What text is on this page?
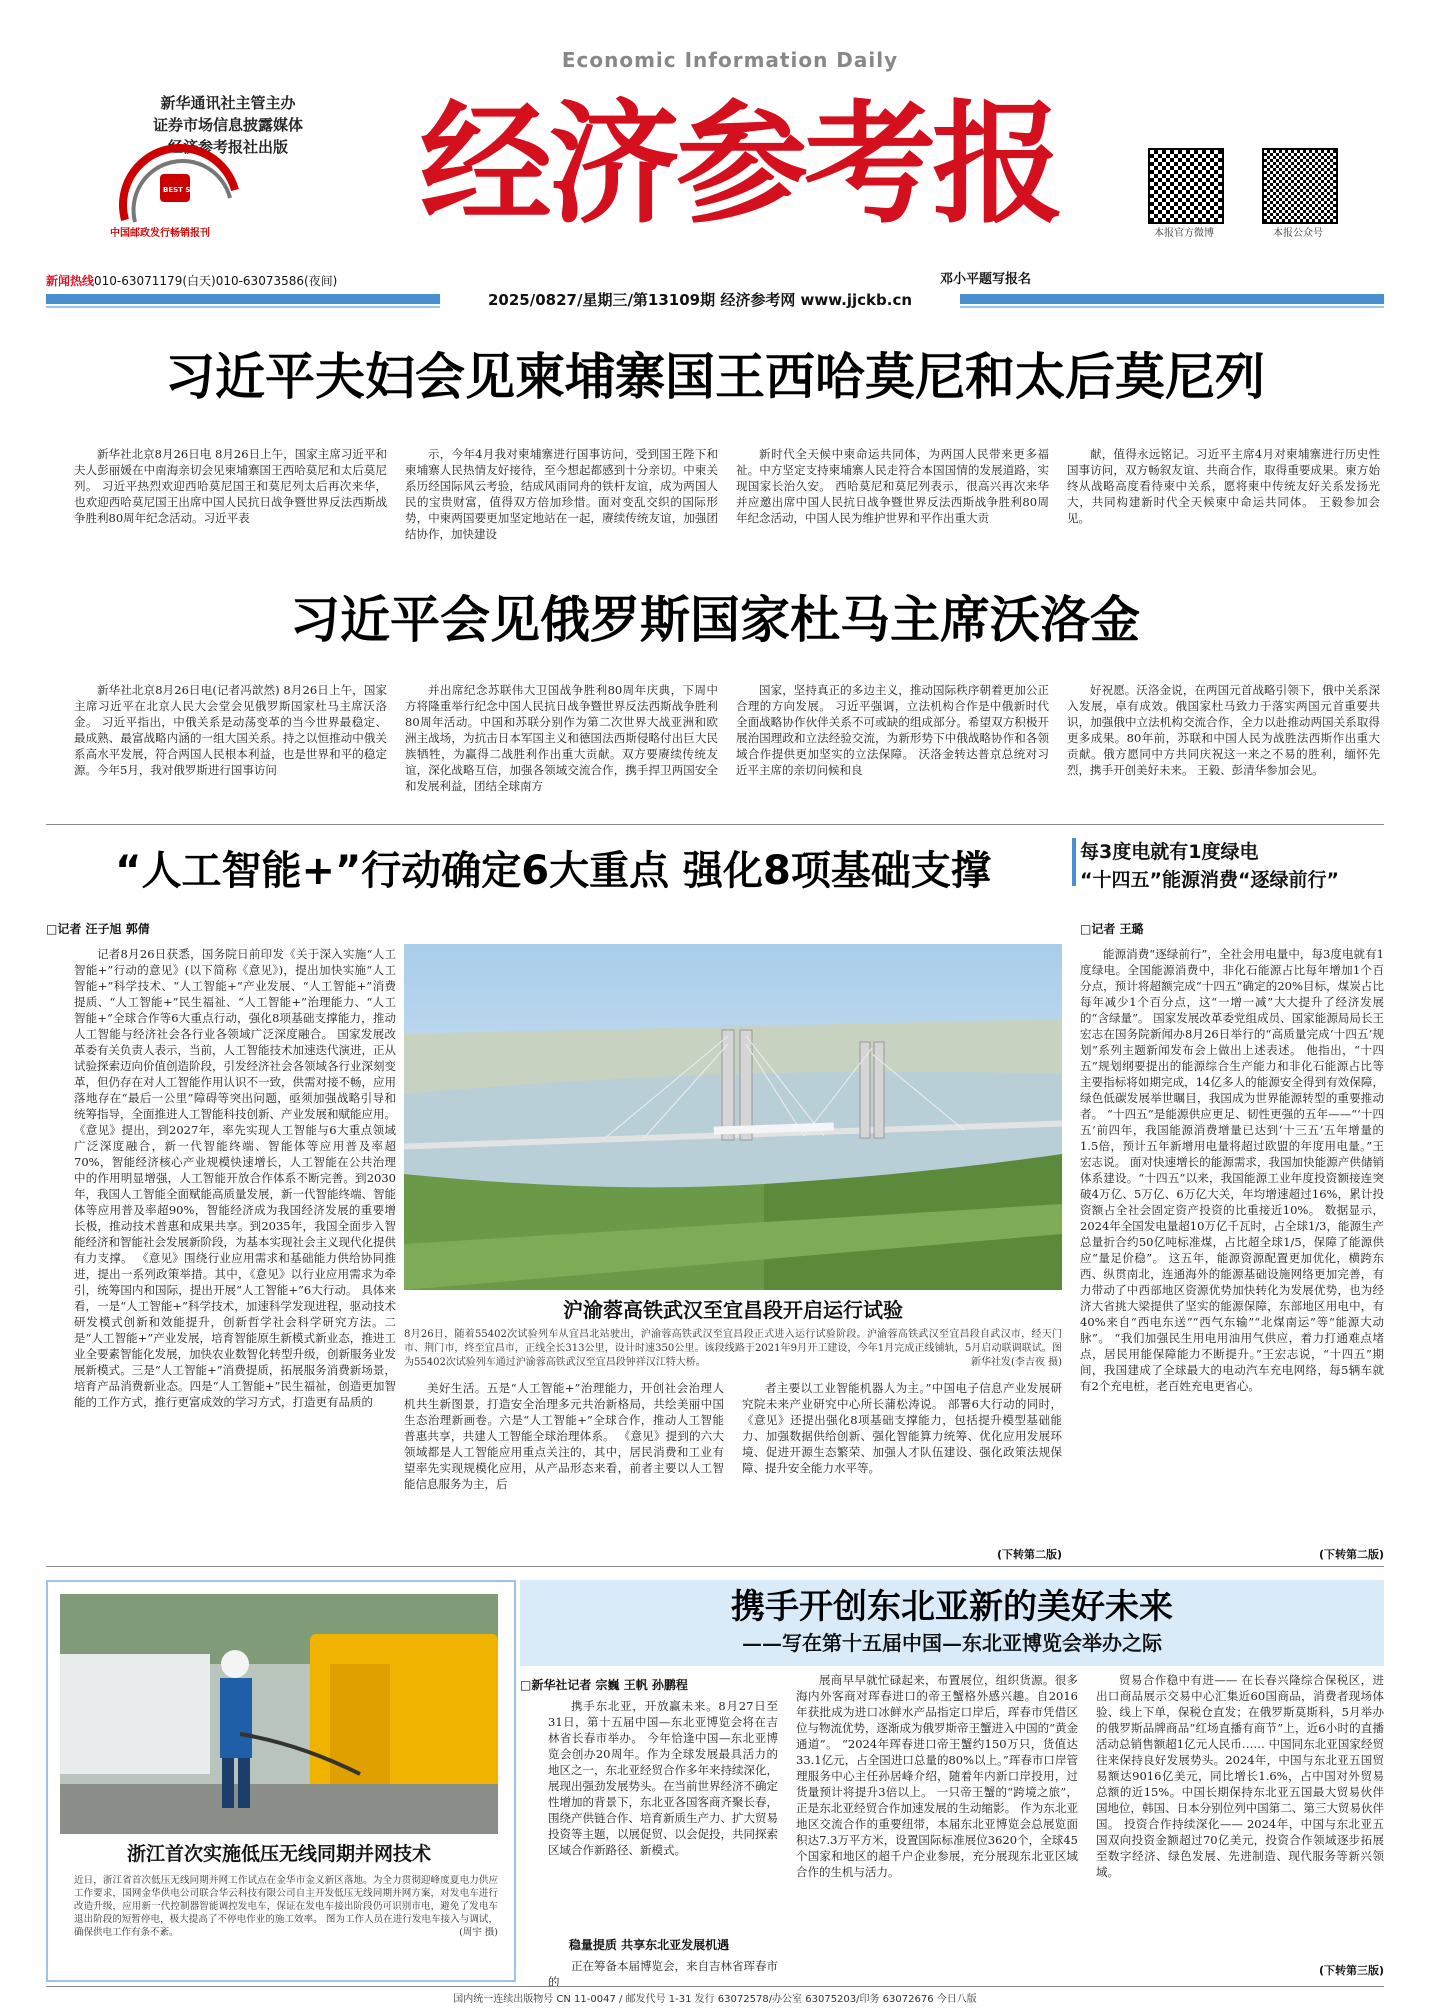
新华通讯社主管主办
证券市场信息披露媒体
经济参考报社出版
BEST SELLING
中国邮政发行畅销报刊
Economic Information Daily
经济参考报
新闻热线010-63071179(白天)010-63073586(夜间)
本报官方微博	本报公众号
邓小平题写报名
2025/0827/星期三/第13109期 经济参考网 www.jjckb.cn
习近平夫妇会见柬埔寨国王西哈莫尼和太后莫尼列

新华社北京8月26日电 8月26日上午，国家主席习近平和夫人彭丽媛在中南海亲切会见柬埔寨国王西哈莫尼和太后莫尼列。 习近平热烈欢迎西哈莫尼国王和莫尼列太后再次来华，也欢迎西哈莫尼国王出席中国人民抗日战争暨世界反法西斯战争胜利80周年纪念活动。习近平表

示，今年4月我对柬埔寨进行国事访问，受到国王陛下和柬埔寨人民热情友好接待，至今想起都感到十分亲切。中柬关系历经国际风云考验，结成风雨同舟的铁杆友谊，成为两国人民的宝贵财富，值得双方倍加珍惜。面对变乱交织的国际形势，中柬两国要更加坚定地站在一起，赓续传统友谊，加强团结协作，加快建设

新时代全天候中柬命运共同体，为两国人民带来更多福祉。中方坚定支持柬埔寨人民走符合本国国情的发展道路，实现国家长治久安。 西哈莫尼和莫尼列表示，很高兴再次来华并应邀出席中国人民抗日战争暨世界反法西斯战争胜利80周年纪念活动，中国人民为维护世界和平作出重大贡

献，值得永远铭记。习近平主席4月对柬埔寨进行历史性国事访问，双方畅叙友谊、共商合作，取得重要成果。柬方始终从战略高度看待柬中关系，愿将柬中传统友好关系发扬光大，共同构建新时代全天候柬中命运共同体。 王毅参加会见。

习近平会见俄罗斯国家杜马主席沃洛金

新华社北京8月26日电(记者冯歆然) 8月26日上午，国家主席习近平在北京人民大会堂会见俄罗斯国家杜马主席沃洛金。 习近平指出，中俄关系是动荡变革的当今世界最稳定、最成熟、最富战略内涵的一组大国关系。持之以恒推动中俄关系高水平发展，符合两国人民根本利益，也是世界和平的稳定源。今年5月，我对俄罗斯进行国事访问

并出席纪念苏联伟大卫国战争胜利80周年庆典，下周中方将隆重举行纪念中国人民抗日战争暨世界反法西斯战争胜利80周年活动。中国和苏联分别作为第二次世界大战亚洲和欧洲主战场，为抗击日本军国主义和德国法西斯侵略付出巨大民族牺牲，为赢得二战胜利作出重大贡献。双方要赓续传统友谊，深化战略互信，加强各领域交流合作，携手捍卫两国安全和发展利益，团结全球南方

国家，坚持真正的多边主义，推动国际秩序朝着更加公正合理的方向发展。 习近平强调，立法机构合作是中俄新时代全面战略协作伙伴关系不可或缺的组成部分。希望双方积极开展治国理政和立法经验交流，为新形势下中俄战略协作和各领域合作提供更加坚实的立法保障。 沃洛金转达普京总统对习近平主席的亲切问候和良

好祝愿。沃洛金说，在两国元首战略引领下，俄中关系深入发展，卓有成效。俄国家杜马致力于落实两国元首重要共识，加强俄中立法机构交流合作，全力以赴推动两国关系取得更多成果。80年前，苏联和中国人民为战胜法西斯作出重大贡献。俄方愿同中方共同庆祝这一来之不易的胜利，缅怀先烈，携手开创美好未来。 王毅、彭清华参加会见。

“人工智能+”行动确定6大重点 强化8项基础支撑
□记者 汪子旭 郭倩

记者8月26日获悉，国务院日前印发《关于深入实施“人工智能+”行动的意见》(以下简称《意见》)，提出加快实施“人工智能+”科学技术、“人工智能+”产业发展、“人工智能+”消费提质、“人工智能+”民生福祉、“人工智能+”治理能力、“人工智能+”全球合作等6大重点行动，强化8项基础支撑能力，推动人工智能与经济社会各行业各领域广泛深度融合。 国家发展改革委有关负责人表示，当前，人工智能技术加速迭代演进，正从试验探索迈向价值创造阶段，引发经济社会各领域各行业深刻变革，但仍存在对人工智能作用认识不一致，供需对接不畅，应用落地存在“最后一公里”障碍等突出问题，亟须加强战略引导和统筹指导，全面推进人工智能科技创新、产业发展和赋能应用。 《意见》提出，到2027年，率先实现人工智能与6大重点领域广泛深度融合，新一代智能终端、智能体等应用普及率超70%，智能经济核心产业规模快速增长，人工智能在公共治理中的作用明显增强，人工智能开放合作体系不断完善。到2030年，我国人工智能全面赋能高质量发展，新一代智能终端、智能体等应用普及率超90%，智能经济成为我国经济发展的重要增长极，推动技术普惠和成果共享。到2035年，我国全面步入智能经济和智能社会发展新阶段，为基本实现社会主义现代化提供有力支撑。 《意见》围绕行业应用需求和基础能力供给协同推进，提出一系列政策举措。其中，《意见》以行业应用需求为牵引，统筹国内和国际，提出开展“人工智能+”6大行动。 具体来看，一是“人工智能+”科学技术，加速科学发现进程，驱动技术研发模式创新和效能提升，创新哲学社会科学研究方法。二是“人工智能+”产业发展，培育智能原生新模式新业态，推进工业全要素智能化发展，加快农业数智化转型升级，创新服务业发展新模式。三是“人工智能+”消费提质，拓展服务消费新场景，培育产品消费新业态。四是“人工智能+”民生福祉，创造更加智能的工作方式，推行更富成效的学习方式，打造更有品质的

沪渝蓉高铁武汉至宜昌段开启运行试验
8月26日，随着55402次试验列车从宜昌北站驶出，沪渝蓉高铁武汉至宜昌段正式进入运行试验阶段。沪渝蓉高铁武汉至宜昌段自武汉市，经天门市、荆门市，终至宜昌市，正线全长313公里，设计时速350公里。该段线路于2021年9月开工建设，今年1月完成正线铺轨，5月启动联调联试。图为55402次试验列车通过沪渝蓉高铁武汉至宜昌段钟祥汉江特大桥。	新华社发(李吉夜 摄)

美好生活。五是“人工智能+”治理能力，开创社会治理人机共生新图景，打造安全治理多元共治新格局，共绘美丽中国生态治理新画卷。六是“人工智能+”全球合作，推动人工智能普惠共享，共建人工智能全球治理体系。 《意见》提到的六大领域都是人工智能应用重点关注的，其中，居民消费和工业有望率先实现规模化应用，从产品形态来看，前者主要以人工智能信息服务为主，后

者主要以工业智能机器人为主。”中国电子信息产业发展研究院未来产业研究中心所长蒲松涛说。 部署6大行动的同时，《意见》还提出强化8项基础支撑能力，包括提升模型基础能力、加强数据供给创新、强化智能算力统筹、优化应用发展环境、促进开源生态繁荣、加强人才队伍建设、强化政策法规保障、提升安全能力水平等。

(下转第二版)
每3度电就有1度绿电
“十四五”能源消费“逐绿前行”
□记者 王璐

能源消费“逐绿前行”，全社会用电量中，每3度电就有1度绿电。全国能源消费中，非化石能源占比每年增加1个百分点，预计将超额完成“十四五”确定的20%目标，煤炭占比每年减少1个百分点，这“一增一减”大大提升了经济发展的“含绿量”。 国家发展改革委党组成员、国家能源局局长王宏志在国务院新闻办8月26日举行的“高质量完成‘十四五’规划”系列主题新闻发布会上做出上述表述。 他指出，“十四五”规划纲要提出的能源综合生产能力和非化石能源占比等主要指标将如期完成，14亿多人的能源安全得到有效保障，绿色低碳发展举世瞩目，我国成为世界能源转型的重要推动者。 “十四五”是能源供应更足、韧性更强的五年——“‘十四五’前四年，我国能源消费增量已达到‘十三五’五年增量的1.5倍，预计五年新增用电量将超过欧盟的年度用电量。”王宏志说。 面对快速增长的能源需求，我国加快能源产供储销体系建设。“十四五”以来，我国能源工业年度投资额接连突破4万亿、5万亿、6万亿大关，年均增速超过16%，累计投资额占全社会固定资产投资的比重接近10%。 数据显示，2024年全国发电量超10万亿千瓦时，占全球1/3，能源生产总量折合约50亿吨标准煤，占比超全球1/5，保障了能源供应“量足价稳”。 这五年，能源资源配置更加优化，横跨东西、纵贯南北，连通海外的能源基础设施网络更加完善，有力带动了中西部地区资源优势加快转化为发展优势，也为经济大省挑大梁提供了坚实的能源保障，东部地区用电中，有40%来自“西电东送”“西气东输”“北煤南运”等“能源大动脉”。 “我们加强民生用电用油用气供应，着力打通难点堵点，居民用能保障能力不断提升。”王宏志说，“十四五”期间，我国建成了全球最大的电动汽车充电网络，每5辆车就有2个充电桩，老百姓充电更省心。

(下转第二版)
浙江首次实施低压无线同期并网技术
近日，浙江省首次低压无线同期并网工作试点在金华市金义新区落地。为全力贯彻迎峰度夏电力供应工作要求，国网金华供电公司联合华云科技有限公司自主开发低压无线同期并网方案，对发电车进行改造升级，应用新一代控制器智能调控发电车，保证在发电车接出阶段仍可识别市电，避免了发电车退出阶段的短暂停电，极大提高了不停电作业的施工效率。 图为工作人员在进行发电车接入与调试，确保供电工作有条不紊。	(周宇 摄)
携手开创东北亚新的美好未来
——写在第十五届中国—东北亚博览会举办之际
□新华社记者 宗巍 王帆 孙鹏程

携手东北亚，开放赢未来。8月27日至31日，第十五届中国—东北亚博览会将在吉林省长春市举办。 今年恰逢中国—东北亚博览会创办20周年。作为全球发展最具活力的地区之一，东北亚经贸合作多年来持续深化，展现出强劲发展势头。在当前世界经济不确定性增加的背景下，东北亚各国客商齐聚长春，围绕产供链合作、培育新质生产力、扩大贸易投资等主题，以展促贸、以会促投，共同探索区域合作新路径、新模式。

稳量提质 共享东北亚发展机遇

正在筹备本届博览会，来自吉林省珲春市的

展商早早就忙碌起来，布置展位，组织货源。很多海内外客商对珲春进口的帝王蟹格外感兴趣。自2016年获批成为进口冰鲜水产品指定口岸后，珲春市凭借区位与物流优势，逐渐成为俄罗斯帝王蟹进入中国的“黄金通道”。 “2024年珲春进口帝王蟹约150万只，货值达33.1亿元，占全国进口总量的80%以上。”珲春市口岸管理服务中心主任孙居峰介绍，随着年内新口岸投用，过货量预计将提升3倍以上。 一只帝王蟹的“跨境之旅”，正是东北亚经贸合作加速发展的生动缩影。 作为东北亚地区交流合作的重要纽带，本届东北亚博览会总展览面积达7.3万平方米，设置国际标准展位3620个，全球45个国家和地区的超千户企业参展，充分展现东北亚区域合作的生机与活力。

贸易合作稳中有进—— 在长春兴隆综合保税区，进出口商品展示交易中心汇集近60国商品，消费者现场体验、线上下单，保税仓直发；在俄罗斯莫斯科，5月举办的俄罗斯品牌商品“红场直播有商节”上，近6小时的直播活动总销售额超1亿元人民币…… 中国同东北亚国家经贸往来保持良好发展势头。2024年，中国与东北亚五国贸易额达9016亿美元，同比增长1.6%，占中国对外贸易总额的近15%。中国长期保持东北亚五国最大贸易伙伴国地位，韩国、日本分别位列中国第二、第三大贸易伙伴国。 投资合作持续深化—— 2024年，中国与东北亚五国双向投资金额超过70亿美元，投资合作领域逐步拓展至数字经济、绿色发展、先进制造、现代服务等新兴领域。

(下转第三版)
国内统一连续出版物号 CN 11-0047 / 邮发代号 1-31 发行 63072578/办公室 63075203/印务 63072676 今日八版
